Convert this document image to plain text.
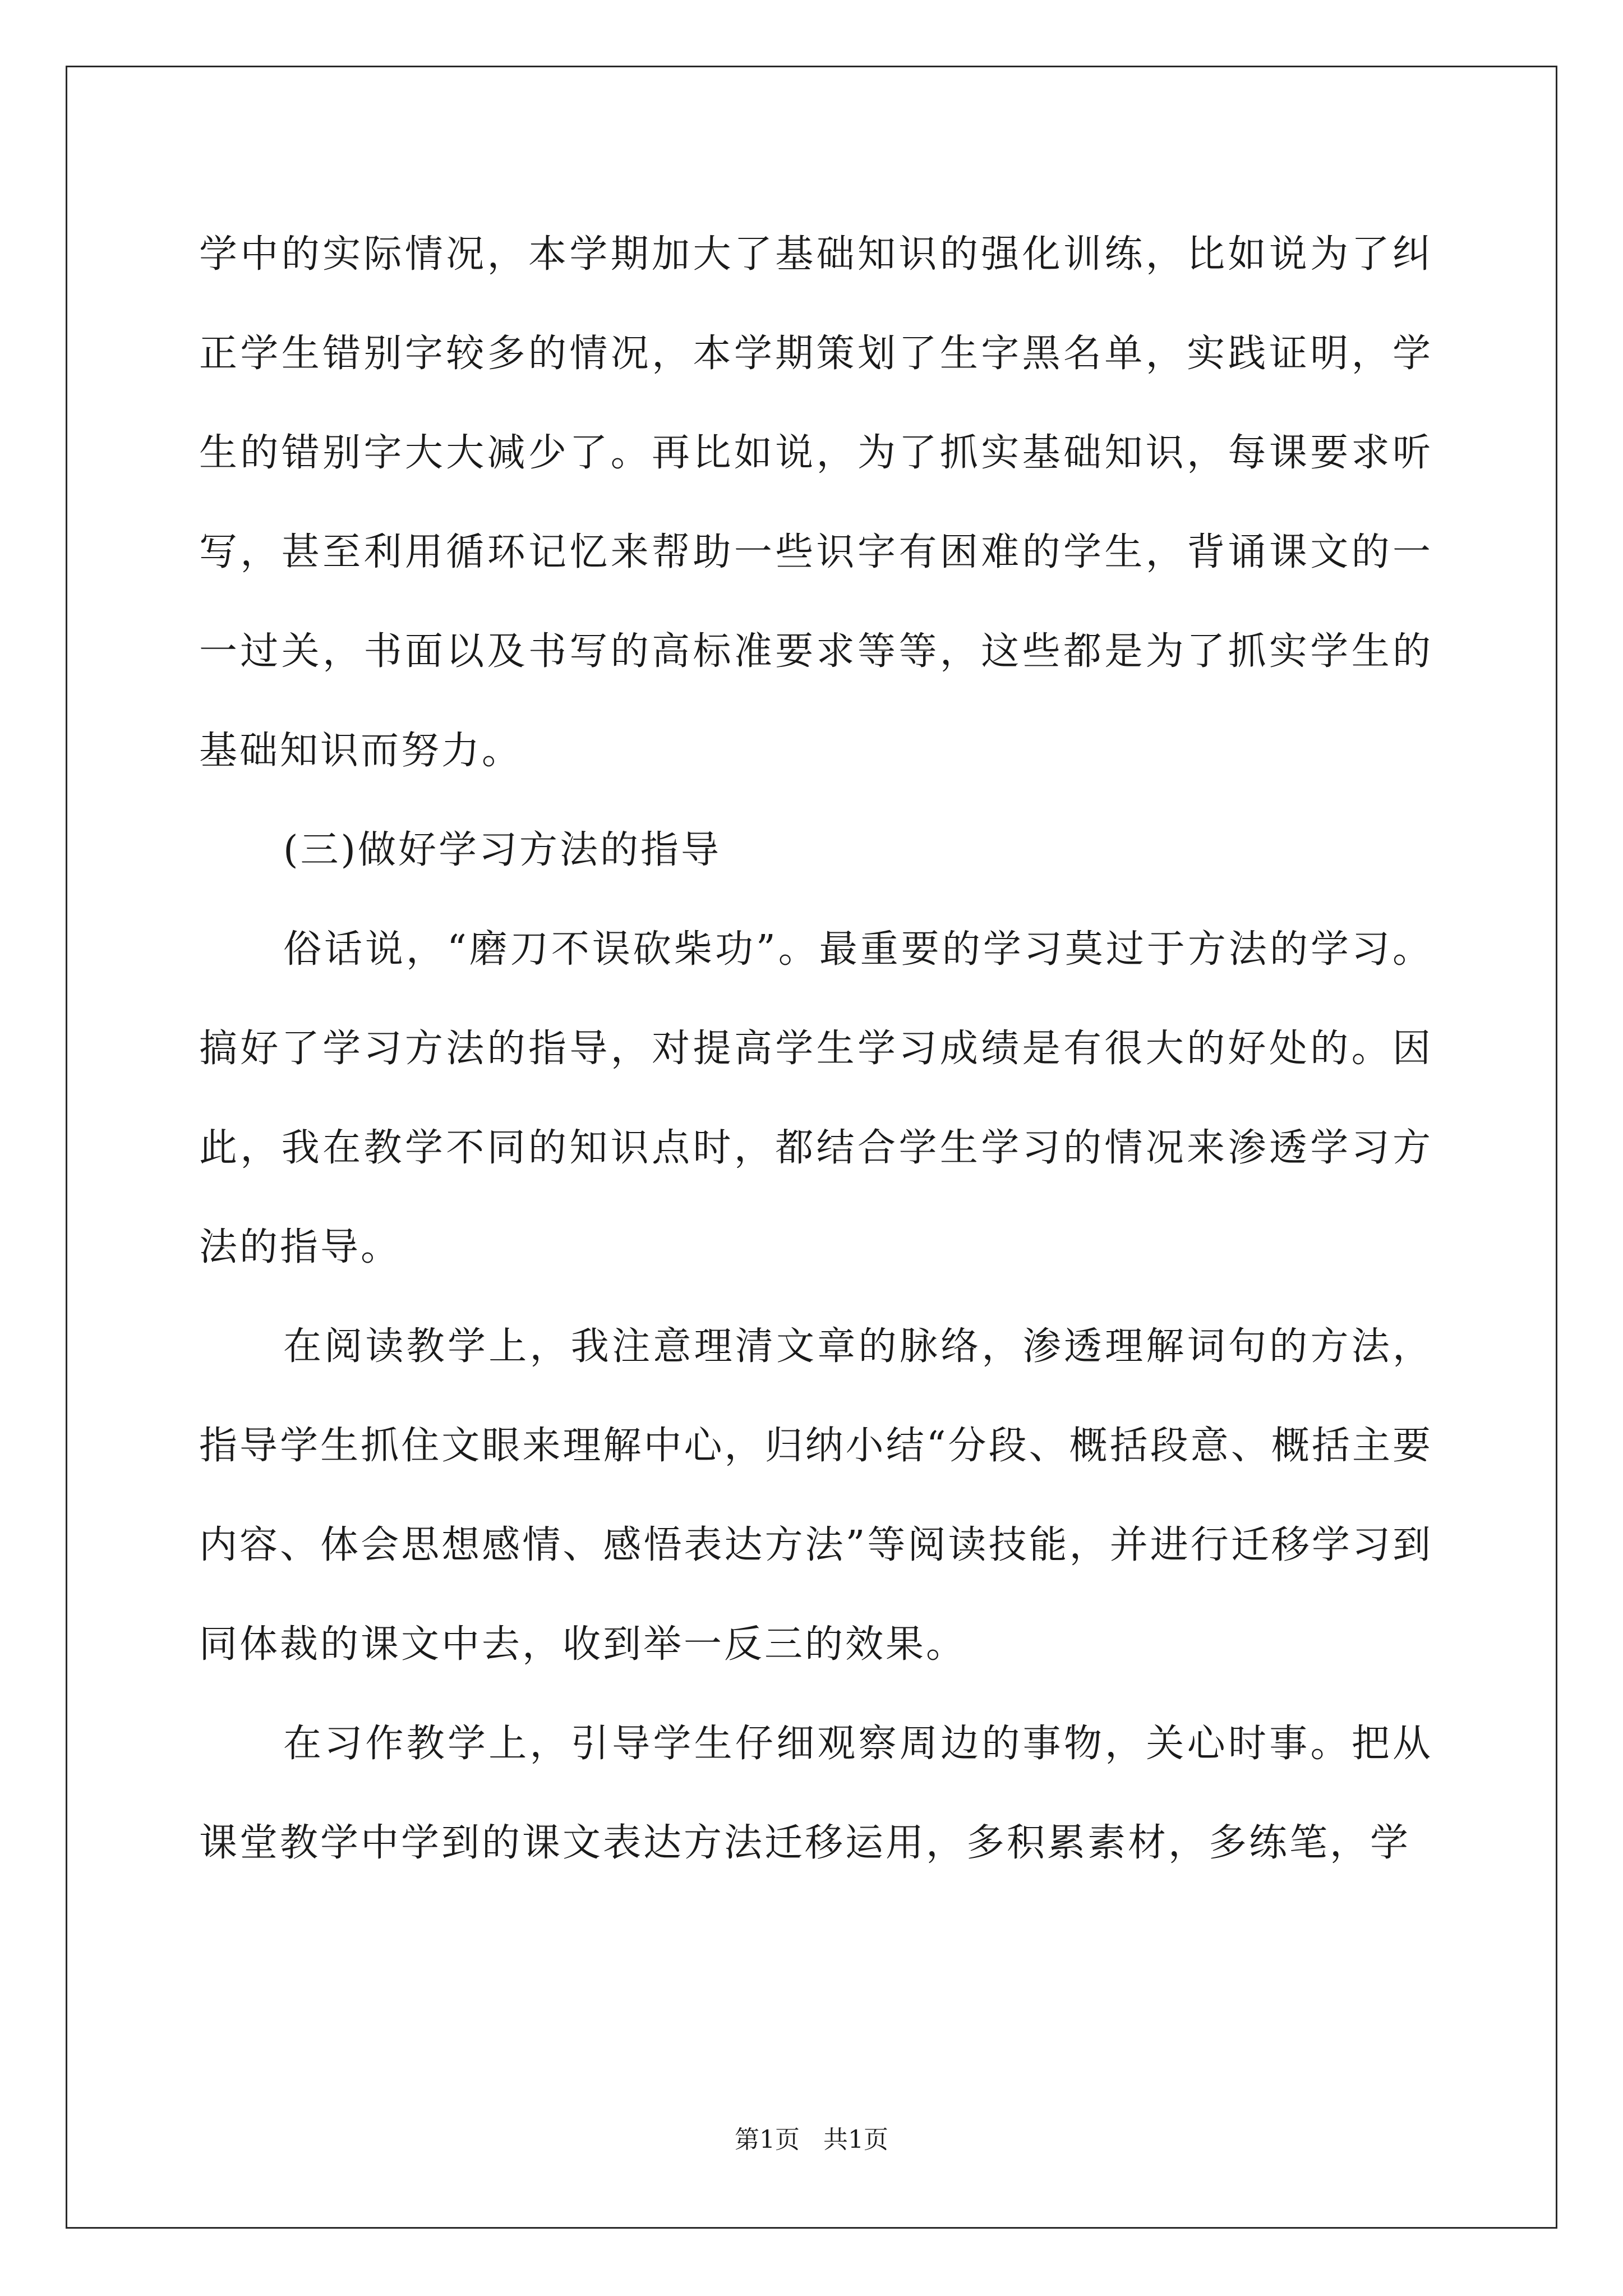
学中的实际情况，本学期加大了基础知识的强化训练，比如说为了纠正学生错别字较多的情况，本学期策划了生字黑名单，实践证明，学生的错别字大大减少了。再比如说，为了抓实基础知识，每课要求听写，甚至利用循环记忆来帮助一些识字有困难的学生，背诵课文的一一过关，书面以及书写的高标准要求等等，这些都是为了抓实学生的基础知识而努力。

(三)做好学习方法的指导

俗话说，“磨刀不误砍柴功”。最重要的学习莫过于方法的学习。搞好了学习方法的指导，对提高学生学习成绩是有很大的好处的。因此，我在教学不同的知识点时，都结合学生学习的情况来渗透学习方法的指导。

在阅读教学上，我注意理清文章的脉络，渗透理解词句的方法，指导学生抓住文眼来理解中心，归纳小结“分段、概括段意、概括主要内容、体会思想感情、感悟表达方法”等阅读技能，并进行迁移学习到同体裁的课文中去，收到举一反三的效果。

在习作教学上，引导学生仔细观察周边的事物，关心时事。把从课堂教学中学到的课文表达方法迁移运用，多积累素材，多练笔，学

第1页 共1页
